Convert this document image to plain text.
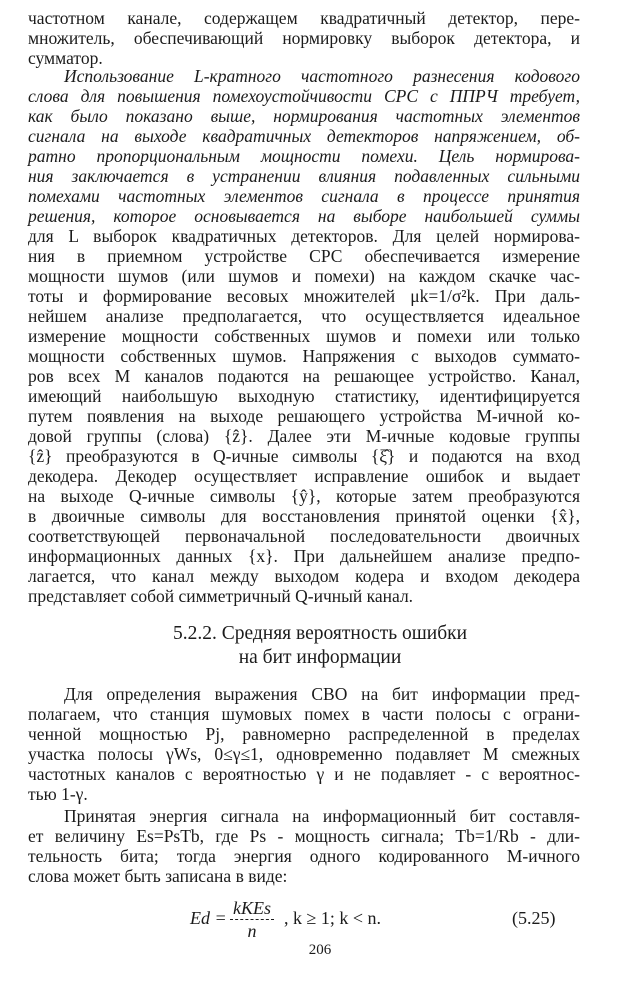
частотном канале, содержащем квадратичный детектор, пере-
множитель, обеспечивающий нормировку выборок детектора, и
сумматор.
Использование L-кратного частотного разнесения кодового
слова для повышения помехоустойчивости СРС с ППРЧ требует,
как было показано выше, нормирования частотных элементов
сигнала на выходе квадратичных детекторов напряжением, об-
ратно пропорциональным мощности помехи. Цель нормирова-
ния заключается в устранении влияния подавленных сильными
помехами частотных элементов сигнала в процессе принятия
решения, которое основывается на выборе наибольшей суммы
для L выборок квадратичных детекторов. Для целей нормирова-
ния в приемном устройстве СРС обеспечивается измерение
мощности шумов (или шумов и помехи) на каждом скачке час-
тоты и формирование весовых множителей μk=1/σ²k. При даль-
нейшем анализе предполагается, что осуществляется идеальное
измерение мощности собственных шумов и помехи или только
мощности собственных шумов. Напряжения с выходов суммато-
ров всех M каналов подаются на решающее устройство. Канал,
имеющий наибольшую выходную статистику, идентифицируется
путем появления на выходе решающего устройства M-ичной ко-
довой группы (слова) {ẑ}. Далее эти M-ичные кодовые группы
{ẑ} преобразуются в Q-ичные символы {ξ̂} и подаются на вход
декодера. Декодер осуществляет исправление ошибок и выдает
на выходе Q-ичные символы {ŷ}, которые затем преобразуются
в двоичные символы для восстановления принятой оценки {x̂},
соответствующей первоначальной последовательности двоичных
информационных данных {x}. При дальнейшем анализе предпо-
лагается, что канал между выходом кодера и входом декодера
представляет собой симметричный Q-ичный канал.
5.2.2. Средняя вероятность ошибки
на бит информации
Для определения выражения СВО на бит информации пред-
полагаем, что станция шумовых помех в части полосы с ограни-
ченной мощностью Pj, равномерно распределенной в пределах
участка полосы γWs, 0≤γ≤1, одновременно подавляет M смежных
частотных каналов с вероятностью γ и не подавляет - с вероятнос-
тью 1-γ.
Принятая энергия сигнала на информационный бит составля-
ет величину Es=PsTb, где Ps - мощность сигнала; Tb=1/Rb - дли-
тельность бита; тогда энергия одного кодированного M-ичного
слова может быть записана в виде:
Ed = kKEs
n
, k ≥ 1; k < n.	(5.25)
206
